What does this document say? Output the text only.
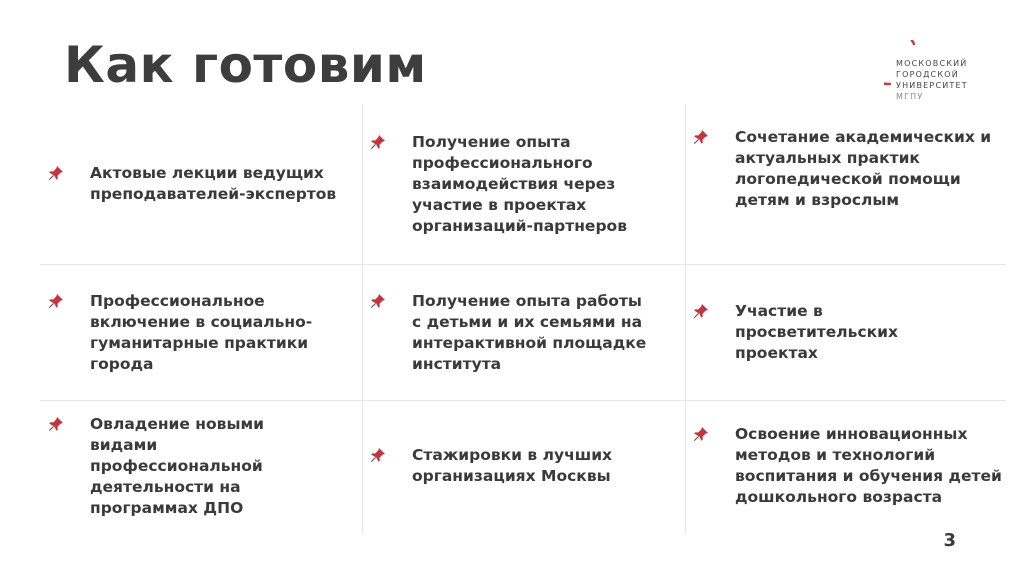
Как готовим	МОСКОВСКИЙ
ГОРОДСКОЙ
УНИВЕРСИТЕТ
МГПУ
Актовые лекции ведущих преподавателей-экспертов
Получение опыта профессионального взаимодействия через участие в проектах организаций-партнеров
Сочетание академических и актуальных практик логопедической помощи детям и взрослым
Профессиональное включение в социально-гуманитарные практики города
Получение опыта работы с детьми и их семьями на интерактивной площадке института
Участие в просветительских проектах
Овладение новыми видами профессиональной деятельности на программах ДПО
Стажировки в лучших организациях Москвы
Освоение инновационных методов и технологий воспитания и обучения детей дошкольного возраста
3
